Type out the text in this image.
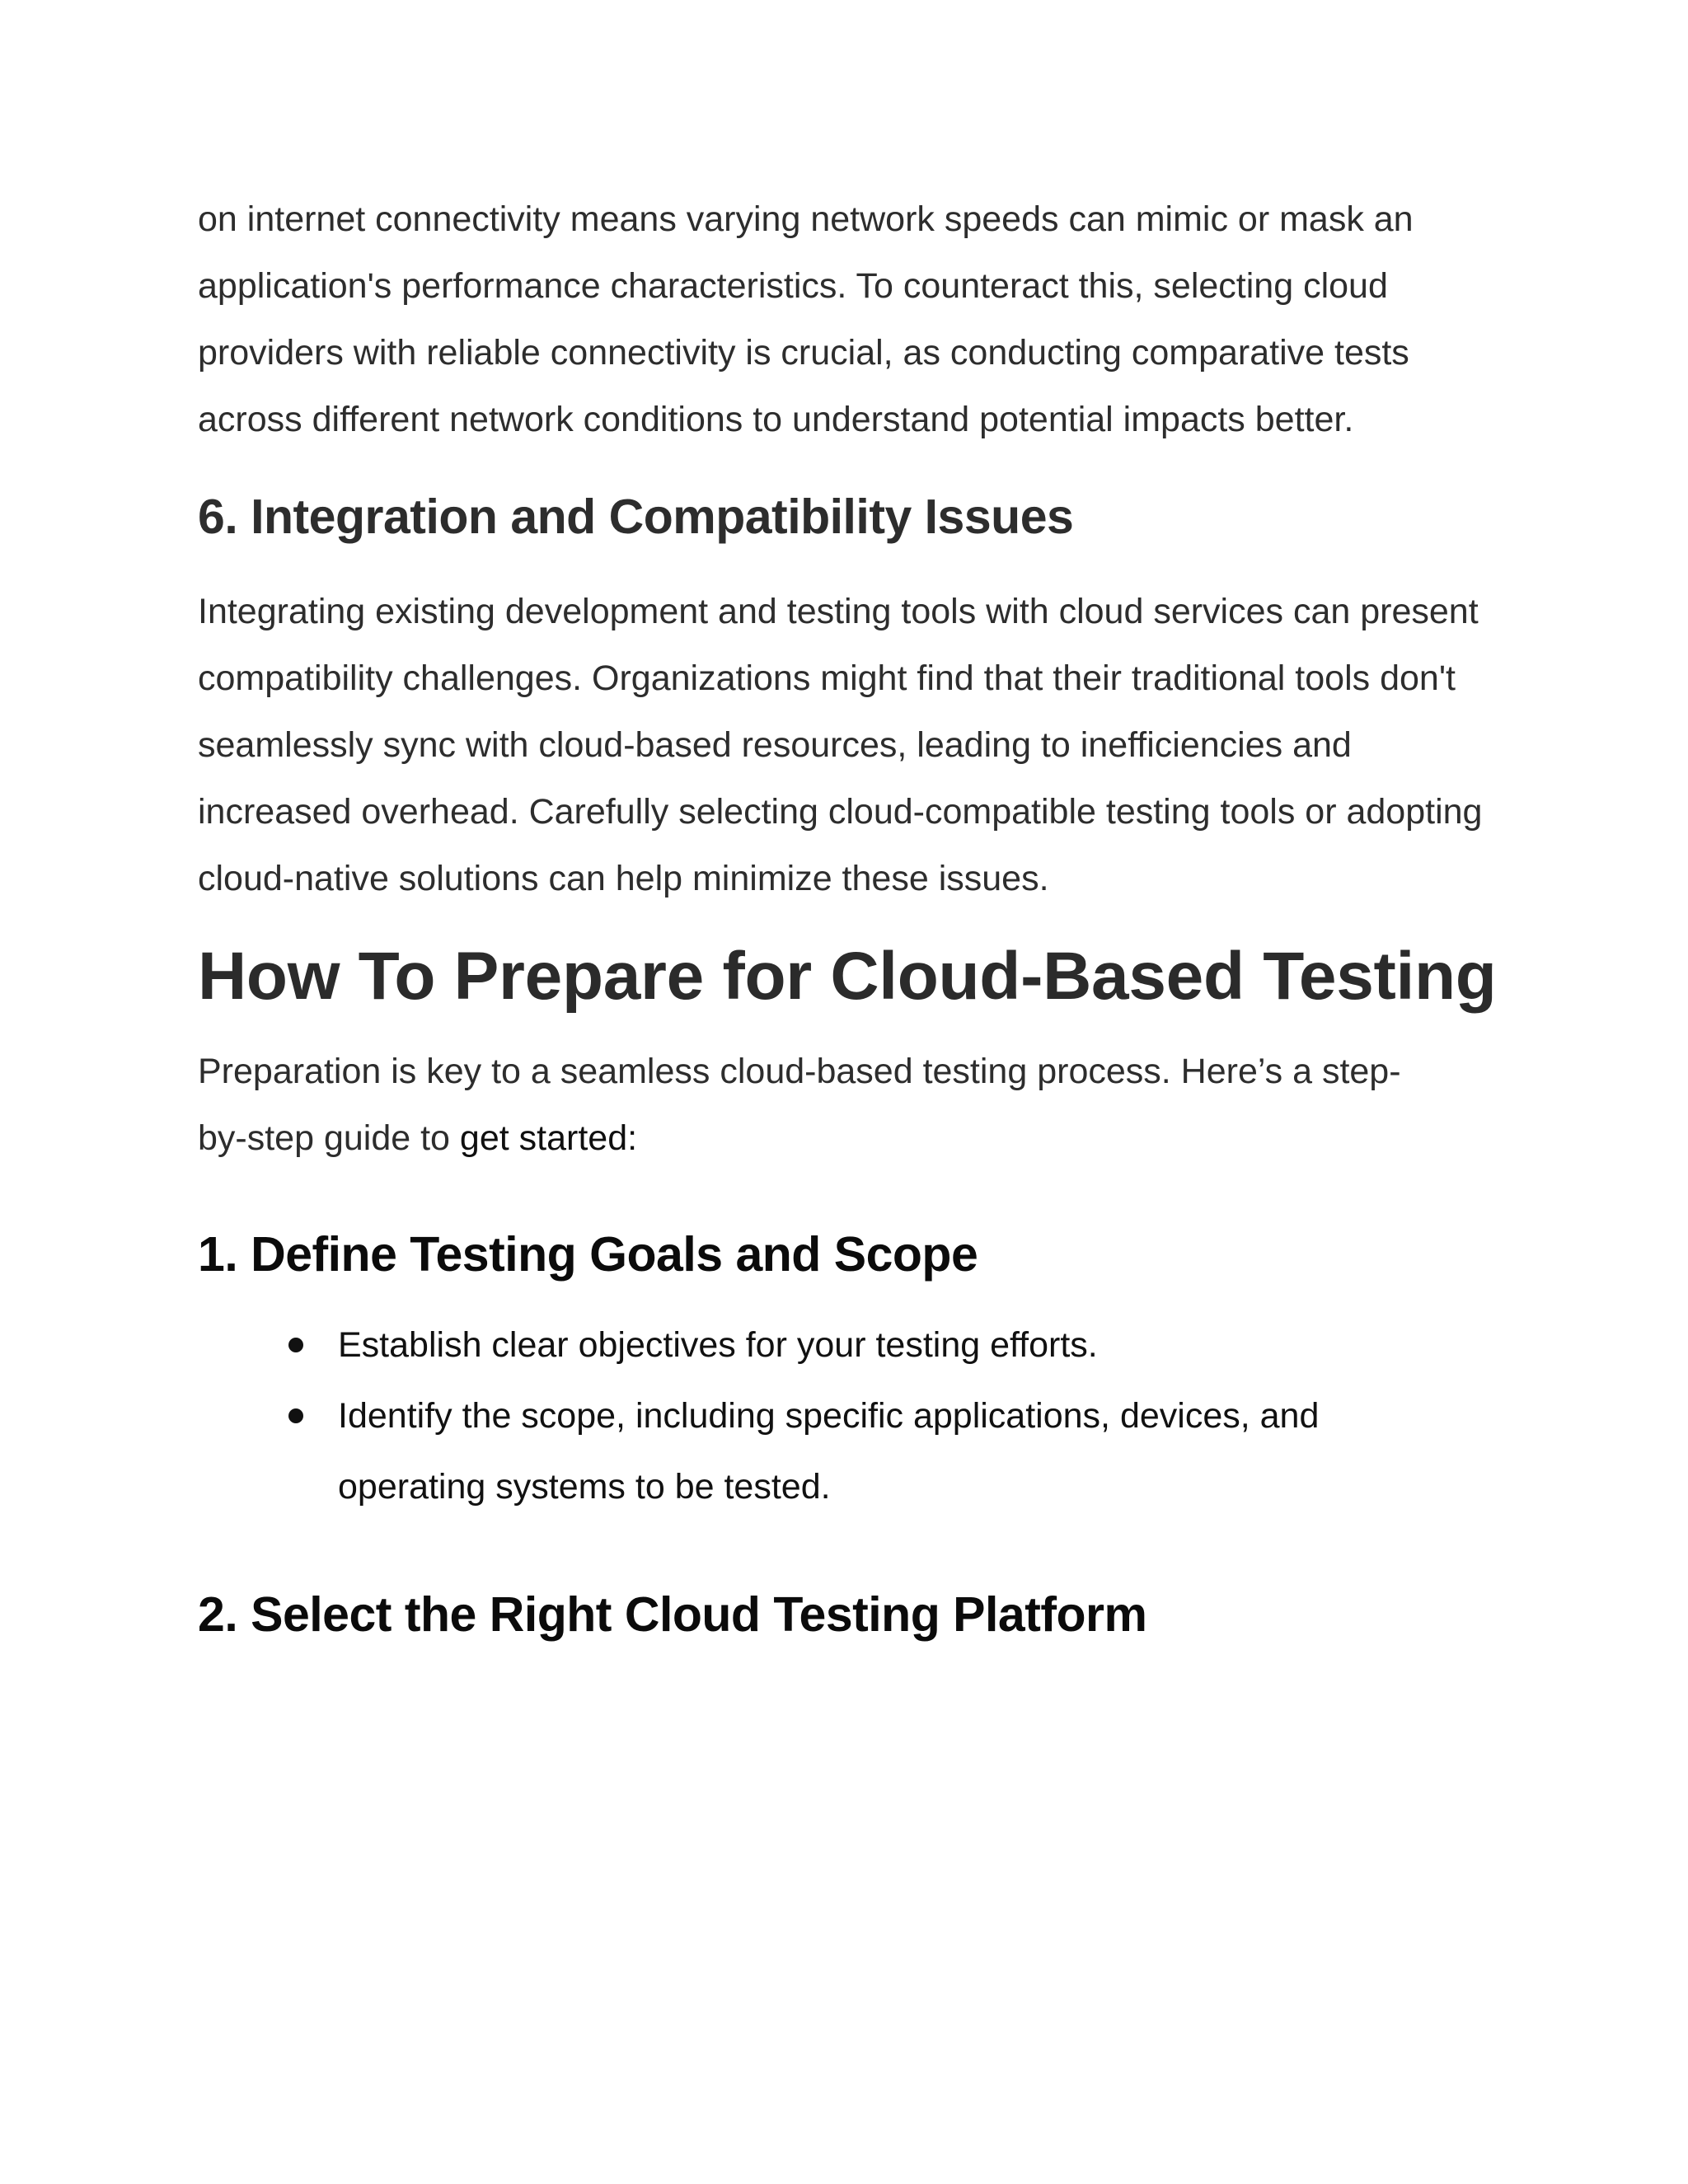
on internet connectivity means varying network speeds can mimic or mask an application's performance characteristics. To counteract this, selecting cloud providers with reliable connectivity is crucial, as conducting comparative tests across different network conditions to understand potential impacts better.

6. Integration and Compatibility Issues

Integrating existing development and testing tools with cloud services can present compatibility challenges. Organizations might find that their traditional tools don't seamlessly sync with cloud-based resources, leading to inefficiencies and increased overhead. Carefully selecting cloud-compatible testing tools or adopting cloud-native solutions can help minimize these issues.

How To Prepare for Cloud-Based Testing

Preparation is key to a seamless cloud-based testing process. Here’s a step-by-step guide to get started:

1. Define Testing Goals and Scope
Establish clear objectives for your testing efforts.
Identify the scope, including specific applications, devices, and operating systems to be tested.
2. Select the Right Cloud Testing Platform
